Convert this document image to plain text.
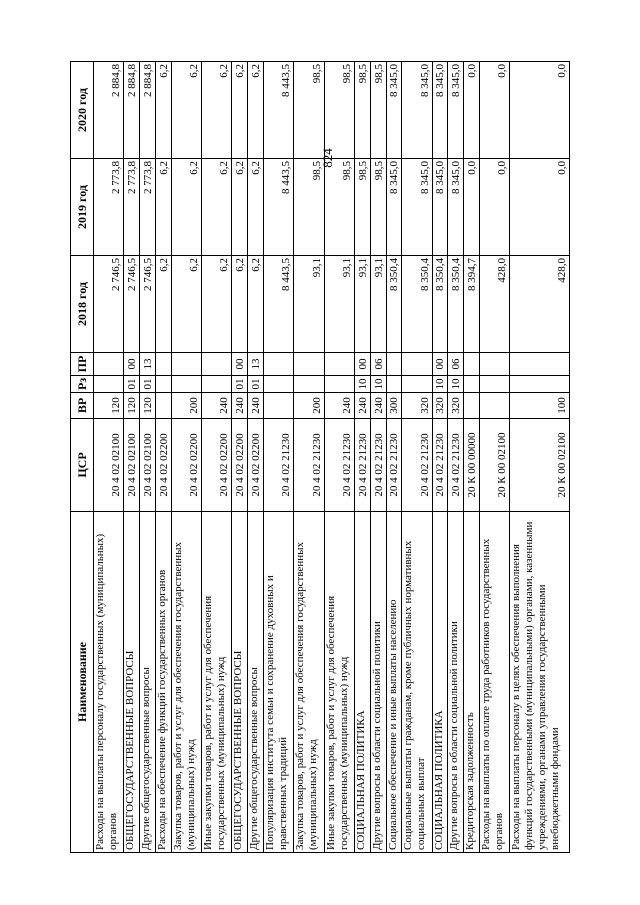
824
Наименование	ЦСР	ВР	Рз	ПР	2018 год	2019 год	2020 год
Расходы на выплаты персоналу государственных (муниципальных) органов	20 4 02 02100	120			2 746,5	2 773,8	2 884,8
ОБЩЕГОСУДАРСТВЕННЫЕ ВОПРОСЫ	20 4 02 02100	120	01	00	2 746,5	2 773,8	2 884,8
Другие общегосударственные вопросы	20 4 02 02100	120	01	13	2 746,5	2 773,8	2 884,8
Расходы на обеспечение функций государственных органов	20 4 02 02200				6,2	6,2	6,2
Закупка товаров, работ и услуг для обеспечения государственных (муниципальных) нужд	20 4 02 02200	200			6,2	6,2	6,2
Иные закупки товаров, работ и услуг для обеспечения государственных (муниципальных) нужд	20 4 02 02200	240			6,2	6,2	6,2
ОБЩЕГОСУДАРСТВЕННЫЕ ВОПРОСЫ	20 4 02 02200	240	01	00	6,2	6,2	6,2
Другие общегосударственные вопросы	20 4 02 02200	240	01	13	6,2	6,2	6,2
Популяризация института семьи и сохранение духовных и нравственных традиций	20 4 02 21230				8 443,5	8 443,5	8 443,5
Закупка товаров, работ и услуг для обеспечения государственных (муниципальных) нужд	20 4 02 21230	200			93,1	98,5	98,5
Иные закупки товаров, работ и услуг для обеспечения государственных (муниципальных) нужд	20 4 02 21230	240			93,1	98,5	98,5
СОЦИАЛЬНАЯ ПОЛИТИКА	20 4 02 21230	240	10	00	93,1	98,5	98,5
Другие вопросы в области социальной политики	20 4 02 21230	240	10	06	93,1	98,5	98,5
Социальное обеспечение и иные выплаты населению	20 4 02 21230	300			8 350,4	8 345,0	8 345,0
Социальные выплаты гражданам, кроме публичных нормативных социальных выплат	20 4 02 21230	320			8 350,4	8 345,0	8 345,0
СОЦИАЛЬНАЯ ПОЛИТИКА	20 4 02 21230	320	10	00	8 350,4	8 345,0	8 345,0
Другие вопросы в области социальной политики	20 4 02 21230	320	10	06	8 350,4	8 345,0	8 345,0
Кредиторская задолженность	20 К 00 00000				8 394,7	0,0	0,0
Расходы на выплаты по оплате труда работников государственных органов	20 К 00 02100				428,0	0,0	0,0
Расходы на выплаты персоналу в целях обеспечения выполнения функций государственными (муниципальными) органами, казенными учреждениями, органами управления государственными внебюджетными фондами	20 К 00 02100	100			428,0	0,0	0,0
